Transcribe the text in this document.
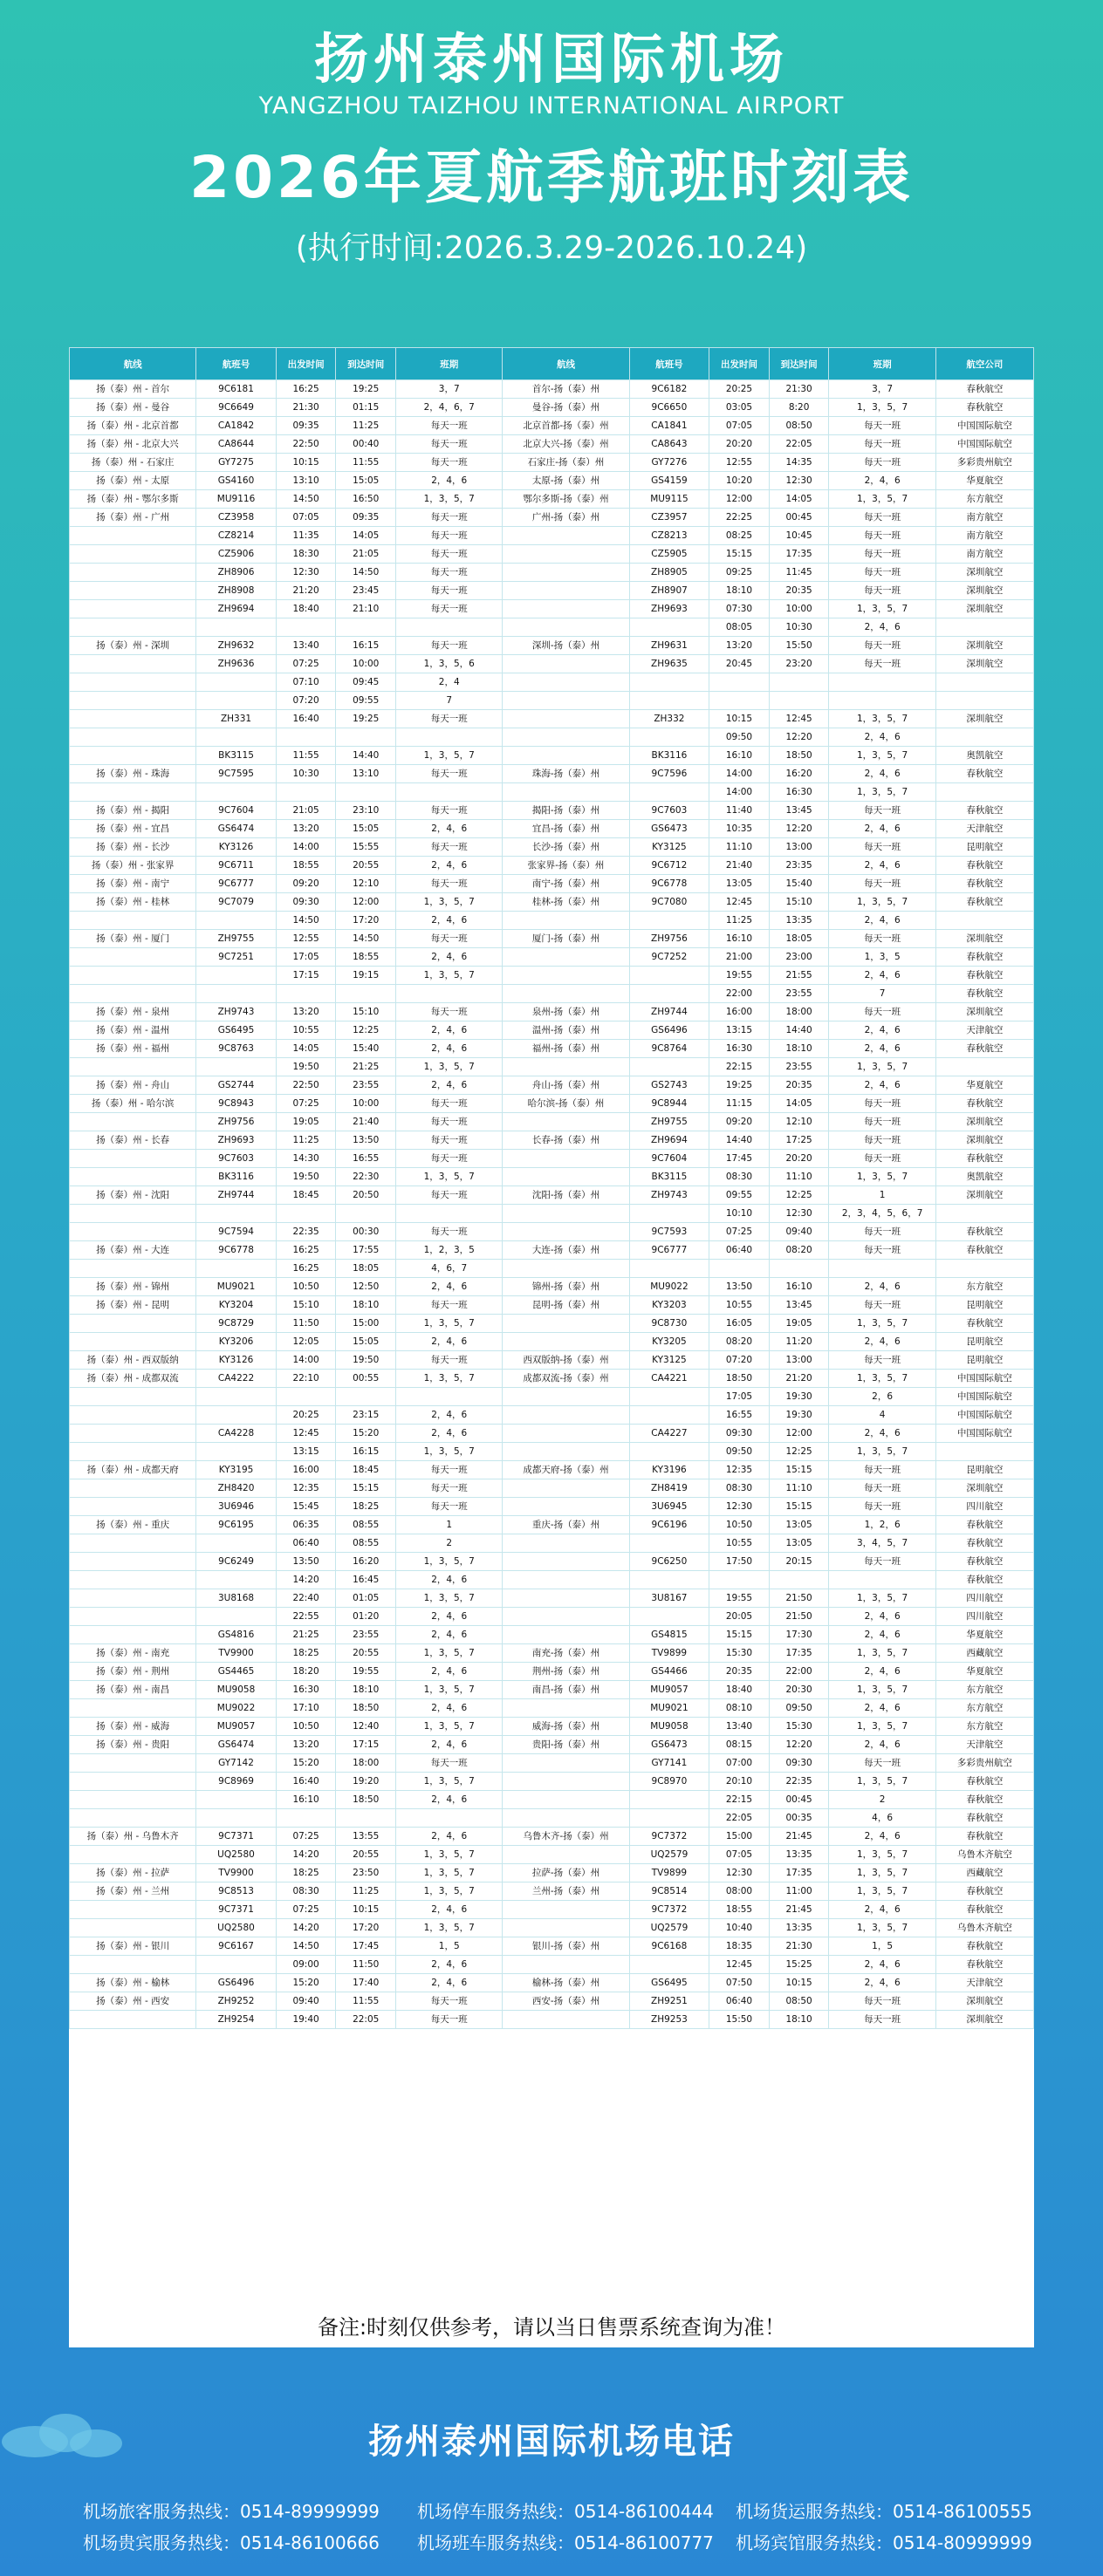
扬州泰州国际机场
YANGZHOU TAIZHOU INTERNATIONAL AIRPORT
2026年夏航季航班时刻表
(执行时间:2026.3.29-2026.10.24)
航线	航班号	出发时间	到达时间	班期	航线	航班号	出发时间	到达时间	班期	航空公司
扬（泰）州 - 首尔	9C6181	16:25	19:25	3，7	首尔-扬（泰）州	9C6182	20:25	21:30	3，7	春秋航空
扬（泰）州 - 曼谷	9C6649	21:30	01:15	2，4，6，7	曼谷-扬（泰）州	9C6650	03:05	8:20	1，3，5，7	春秋航空
扬（泰）州 - 北京首都	CA1842	09:35	11:25	每天一班	北京首都-扬（泰）州	CA1841	07:05	08:50	每天一班	中国国际航空
扬（泰）州 - 北京大兴	CA8644	22:50	00:40	每天一班	北京大兴-扬（泰）州	CA8643	20:20	22:05	每天一班	中国国际航空
扬（泰）州 - 石家庄	GY7275	10:15	11:55	每天一班	石家庄-扬（泰）州	GY7276	12:55	14:35	每天一班	多彩贵州航空
扬（泰）州 - 太原	GS4160	13:10	15:05	2，4，6	太原-扬（泰）州	GS4159	10:20	12:30	2，4，6	华夏航空
扬（泰）州 - 鄂尔多斯	MU9116	14:50	16:50	1，3，5，7	鄂尔多斯-扬（泰）州	MU9115	12:00	14:05	1，3，5，7	东方航空
扬（泰）州 - 广州	CZ3958	07:05	09:35	每天一班	广州-扬（泰）州	CZ3957	22:25	00:45	每天一班	南方航空
	CZ8214	11:35	14:05	每天一班		CZ8213	08:25	10:45	每天一班	南方航空
	CZ5906	18:30	21:05	每天一班		CZ5905	15:15	17:35	每天一班	南方航空
	ZH8906	12:30	14:50	每天一班		ZH8905	09:25	11:45	每天一班	深圳航空
	ZH8908	21:20	23:45	每天一班		ZH8907	18:10	20:35	每天一班	深圳航空
	ZH9694	18:40	21:10	每天一班		ZH9693	07:30	10:00	1，3，5，7	深圳航空
							08:05	10:30	2，4，6	
扬（泰）州 - 深圳	ZH9632	13:40	16:15	每天一班	深圳-扬（泰）州	ZH9631	13:20	15:50	每天一班	深圳航空
	ZH9636	07:25	10:00	1，3，5，6		ZH9635	20:45	23:20	每天一班	深圳航空
		07:10	09:45	2，4						
		07:20	09:55	7						
	ZH331	16:40	19:25	每天一班		ZH332	10:15	12:45	1，3，5，7	深圳航空
							09:50	12:20	2，4，6	
	BK3115	11:55	14:40	1，3，5，7		BK3116	16:10	18:50	1，3，5，7	奥凯航空
扬（泰）州 - 珠海	9C7595	10:30	13:10	每天一班	珠海-扬（泰）州	9C7596	14:00	16:20	2，4，6	春秋航空
							14:00	16:30	1，3，5，7	
扬（泰）州 - 揭阳	9C7604	21:05	23:10	每天一班	揭阳-扬（泰）州	9C7603	11:40	13:45	每天一班	春秋航空
扬（泰）州 - 宜昌	GS6474	13:20	15:05	2，4，6	宜昌-扬（泰）州	GS6473	10:35	12:20	2，4，6	天津航空
扬（泰）州 - 长沙	KY3126	14:00	15:55	每天一班	长沙-扬（泰）州	KY3125	11:10	13:00	每天一班	昆明航空
扬（泰）州 - 张家界	9C6711	18:55	20:55	2，4，6	张家界-扬（泰）州	9C6712	21:40	23:35	2，4，6	春秋航空
扬（泰）州 - 南宁	9C6777	09:20	12:10	每天一班	南宁-扬（泰）州	9C6778	13:05	15:40	每天一班	春秋航空
扬（泰）州 - 桂林	9C7079	09:30	12:00	1，3，5，7	桂林-扬（泰）州	9C7080	12:45	15:10	1，3，5，7	春秋航空
		14:50	17:20	2，4，6			11:25	13:35	2，4，6	
扬（泰）州 - 厦门	ZH9755	12:55	14:50	每天一班	厦门-扬（泰）州	ZH9756	16:10	18:05	每天一班	深圳航空
	9C7251	17:05	18:55	2，4，6		9C7252	21:00	23:00	1，3，5	春秋航空
		17:15	19:15	1，3，5，7			19:55	21:55	2，4，6	春秋航空
							22:00	23:55	7	春秋航空
扬（泰）州 - 泉州	ZH9743	13:20	15:10	每天一班	泉州-扬（泰）州	ZH9744	16:00	18:00	每天一班	深圳航空
扬（泰）州 - 温州	GS6495	10:55	12:25	2，4，6	温州-扬（泰）州	GS6496	13:15	14:40	2，4，6	天津航空
扬（泰）州 - 福州	9C8763	14:05	15:40	2，4，6	福州-扬（泰）州	9C8764	16:30	18:10	2，4，6	春秋航空
		19:50	21:25	1，3，5，7			22:15	23:55	1，3，5，7	
扬（泰）州 - 舟山	GS2744	22:50	23:55	2，4，6	舟山-扬（泰）州	GS2743	19:25	20:35	2，4，6	华夏航空
扬（泰）州 - 哈尔滨	9C8943	07:25	10:00	每天一班	哈尔滨-扬（泰）州	9C8944	11:15	14:05	每天一班	春秋航空
	ZH9756	19:05	21:40	每天一班		ZH9755	09:20	12:10	每天一班	深圳航空
扬（泰）州 - 长春	ZH9693	11:25	13:50	每天一班	长春-扬（泰）州	ZH9694	14:40	17:25	每天一班	深圳航空
	9C7603	14:30	16:55	每天一班		9C7604	17:45	20:20	每天一班	春秋航空
	BK3116	19:50	22:30	1，3，5，7		BK3115	08:30	11:10	1，3，5，7	奥凯航空
扬（泰）州 - 沈阳	ZH9744	18:45	20:50	每天一班	沈阳-扬（泰）州	ZH9743	09:55	12:25	1	深圳航空
							10:10	12:30	2，3，4，5，6，7	
	9C7594	22:35	00:30	每天一班		9C7593	07:25	09:40	每天一班	春秋航空
扬（泰）州 - 大连	9C6778	16:25	17:55	1，2，3，5	大连-扬（泰）州	9C6777	06:40	08:20	每天一班	春秋航空
		16:25	18:05	4，6，7						
扬（泰）州 - 锦州	MU9021	10:50	12:50	2，4，6	锦州-扬（泰）州	MU9022	13:50	16:10	2，4，6	东方航空
扬（泰）州 - 昆明	KY3204	15:10	18:10	每天一班	昆明-扬（泰）州	KY3203	10:55	13:45	每天一班	昆明航空
	9C8729	11:50	15:00	1，3，5，7		9C8730	16:05	19:05	1，3，5，7	春秋航空
	KY3206	12:05	15:05	2，4，6		KY3205	08:20	11:20	2，4，6	昆明航空
扬（泰）州 - 西双版纳	KY3126	14:00	19:50	每天一班	西双版纳-扬（泰）州	KY3125	07:20	13:00	每天一班	昆明航空
扬（泰）州 - 成都双流	CA4222	22:10	00:55	1，3，5，7	成都双流-扬（泰）州	CA4221	18:50	21:20	1，3，5，7	中国国际航空
							17:05	19:30	2，6	中国国际航空
		20:25	23:15	2，4，6			16:55	19:30	4	中国国际航空
	CA4228	12:45	15:20	2，4，6		CA4227	09:30	12:00	2，4，6	中国国际航空
		13:15	16:15	1，3，5，7			09:50	12:25	1，3，5，7	
扬（泰）州 - 成都天府	KY3195	16:00	18:45	每天一班	成都天府-扬（泰）州	KY3196	12:35	15:15	每天一班	昆明航空
	ZH8420	12:35	15:15	每天一班		ZH8419	08:30	11:10	每天一班	深圳航空
	3U6946	15:45	18:25	每天一班		3U6945	12:30	15:15	每天一班	四川航空
扬（泰）州 - 重庆	9C6195	06:35	08:55	1	重庆-扬（泰）州	9C6196	10:50	13:05	1，2，6	春秋航空
		06:40	08:55	2			10:55	13:05	3，4，5，7	春秋航空
	9C6249	13:50	16:20	1，3，5，7		9C6250	17:50	20:15	每天一班	春秋航空
		14:20	16:45	2，4，6						春秋航空
	3U8168	22:40	01:05	1，3，5，7		3U8167	19:55	21:50	1，3，5，7	四川航空
		22:55	01:20	2，4，6			20:05	21:50	2，4，6	四川航空
	GS4816	21:25	23:55	2，4，6		GS4815	15:15	17:30	2，4，6	华夏航空
扬（泰）州 - 南充	TV9900	18:25	20:55	1，3，5，7	南充-扬（泰）州	TV9899	15:30	17:35	1，3，5，7	西藏航空
扬（泰）州 - 荆州	GS4465	18:20	19:55	2，4，6	荆州-扬（泰）州	GS4466	20:35	22:00	2，4，6	华夏航空
扬（泰）州 - 南昌	MU9058	16:30	18:10	1，3，5，7	南昌-扬（泰）州	MU9057	18:40	20:30	1，3，5，7	东方航空
	MU9022	17:10	18:50	2，4，6		MU9021	08:10	09:50	2，4，6	东方航空
扬（泰）州 - 威海	MU9057	10:50	12:40	1，3，5，7	威海-扬（泰）州	MU9058	13:40	15:30	1，3，5，7	东方航空
扬（泰）州 - 贵阳	GS6474	13:20	17:15	2，4，6	贵阳-扬（泰）州	GS6473	08:15	12:20	2，4，6	天津航空
	GY7142	15:20	18:00	每天一班		GY7141	07:00	09:30	每天一班	多彩贵州航空
	9C8969	16:40	19:20	1，3，5，7		9C8970	20:10	22:35	1，3，5，7	春秋航空
		16:10	18:50	2，4，6			22:15	00:45	2	春秋航空
							22:05	00:35	4，6	春秋航空
扬（泰）州 - 乌鲁木齐	9C7371	07:25	13:55	2，4，6	乌鲁木齐-扬（泰）州	9C7372	15:00	21:45	2，4，6	春秋航空
	UQ2580	14:20	20:55	1，3，5，7		UQ2579	07:05	13:35	1，3，5，7	乌鲁木齐航空
扬（泰）州 - 拉萨	TV9900	18:25	23:50	1，3，5，7	拉萨-扬（泰）州	TV9899	12:30	17:35	1，3，5，7	西藏航空
扬（泰）州 - 兰州	9C8513	08:30	11:25	1，3，5，7	兰州-扬（泰）州	9C8514	08:00	11:00	1，3，5，7	春秋航空
	9C7371	07:25	10:15	2，4，6		9C7372	18:55	21:45	2，4，6	春秋航空
	UQ2580	14:20	17:20	1，3，5，7		UQ2579	10:40	13:35	1，3，5，7	乌鲁木齐航空
扬（泰）州 - 银川	9C6167	14:50	17:45	1，5	银川-扬（泰）州	9C6168	18:35	21:30	1，5	春秋航空
		09:00	11:50	2，4，6			12:45	15:25	2，4，6	春秋航空
扬（泰）州 - 榆林	GS6496	15:20	17:40	2，4，6	榆林-扬（泰）州	GS6495	07:50	10:15	2，4，6	天津航空
扬（泰）州 - 西安	ZH9252	09:40	11:55	每天一班	西安-扬（泰）州	ZH9251	06:40	08:50	每天一班	深圳航空
	ZH9254	19:40	22:05	每天一班		ZH9253	15:50	18:10	每天一班	深圳航空
备注:时刻仅供参考，请以当日售票系统查询为准！
扬州泰州国际机场电话
机场旅客服务热线：0514-89999999 机场停车服务热线：0514-86100444 机场货运服务热线：0514-86100555
机场贵宾服务热线：0514-86100666 机场班车服务热线：0514-86100777 机场宾馆服务热线：0514-80999999
